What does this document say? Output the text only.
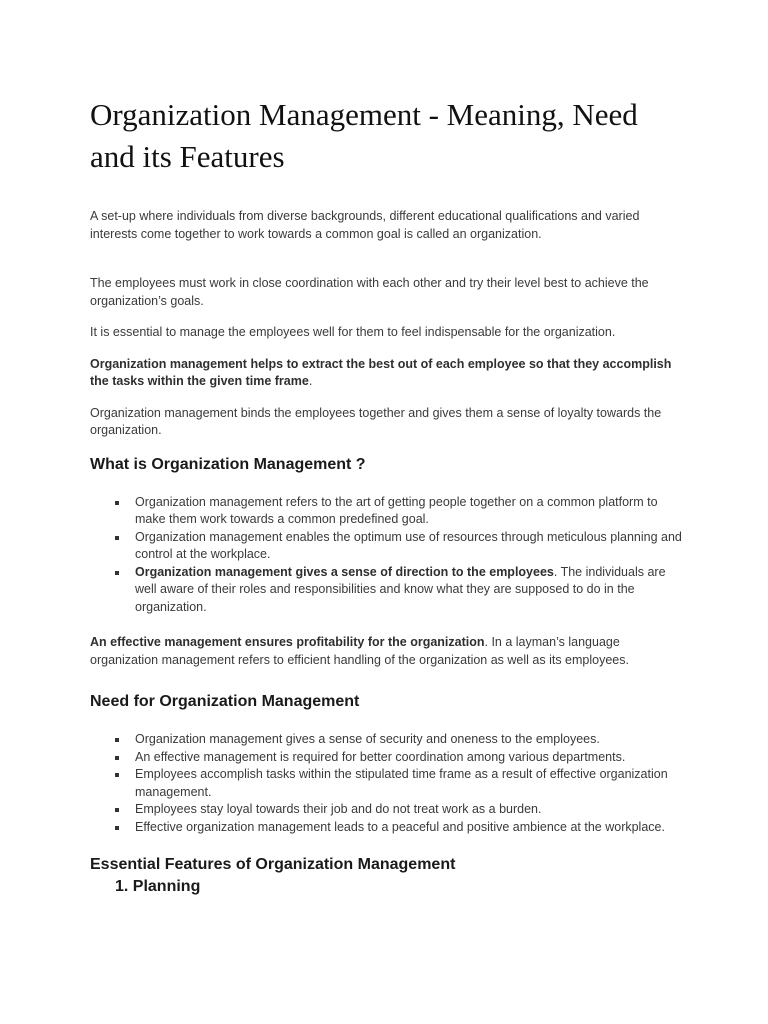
Organization Management - Meaning, Need and its Features

A set-up where individuals from diverse backgrounds, different educational qualifications and varied interests come together to work towards a common goal is called an organization.

The employees must work in close coordination with each other and try their level best to achieve the organization’s goals.

It is essential to manage the employees well for them to feel indispensable for the organization.

Organization management helps to extract the best out of each employee so that they accomplish the tasks within the given time frame.

Organization management binds the employees together and gives them a sense of loyalty towards the organization.

What is Organization Management ?
Organization management refers to the art of getting people together on a common platform to make them work towards a common predefined goal.
Organization management enables the optimum use of resources through meticulous planning and control at the workplace.
Organization management gives a sense of direction to the employees. The individuals are well aware of their roles and responsibilities and know what they are supposed to do in the organization.

An effective management ensures profitability for the organization. In a layman’s language organization management refers to efficient handling of the organization as well as its employees.

Need for Organization Management
Organization management gives a sense of security and oneness to the employees.
An effective management is required for better coordination among various departments.
Employees accomplish tasks within the stipulated time frame as a result of effective organization management.
Employees stay loyal towards their job and do not treat work as a burden.
Effective organization management leads to a peaceful and positive ambience at the workplace.
Essential Features of Organization Management
1. Planning
